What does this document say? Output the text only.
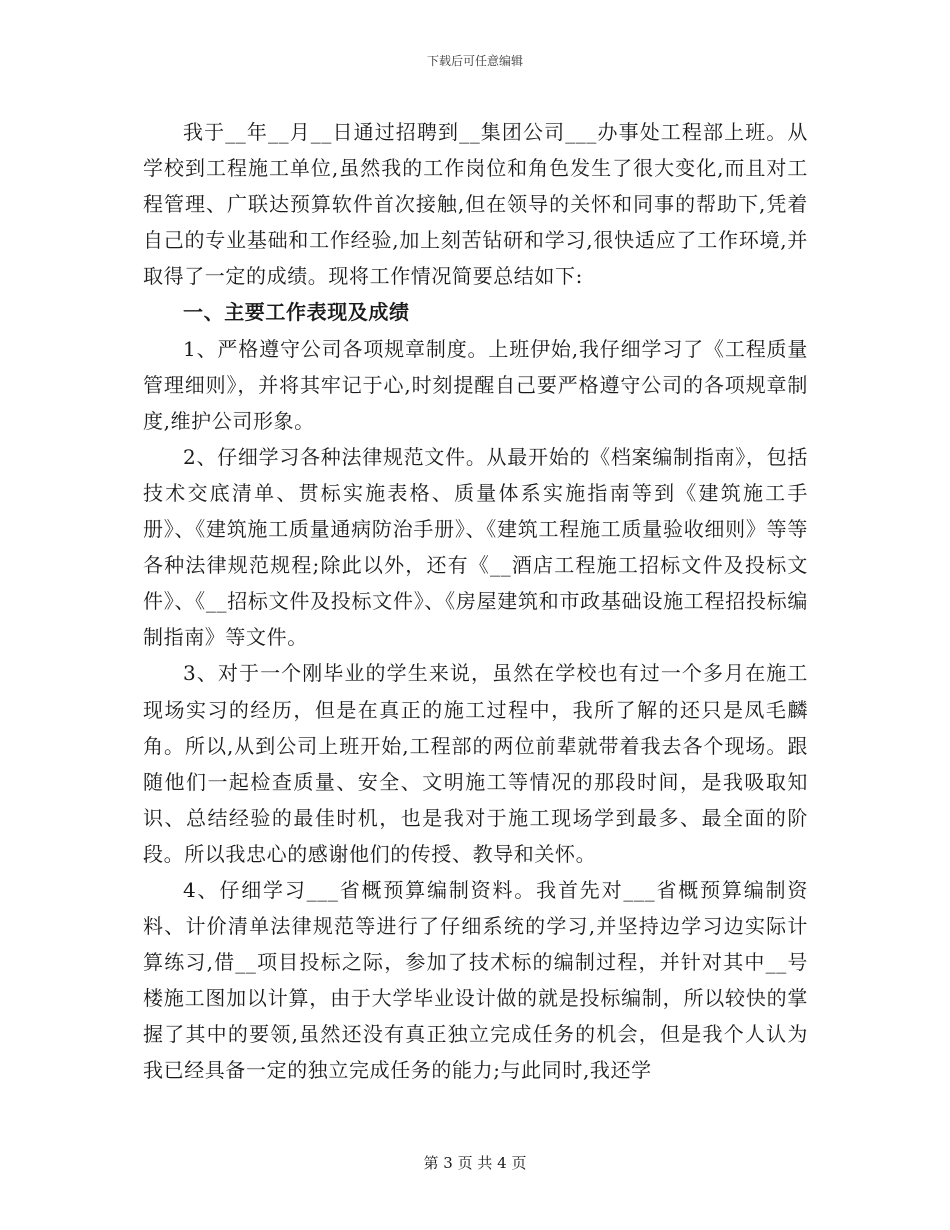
下载后可任意编辑

我于__年__月__日通过招聘到__集团公司___办事处工程部上班。从学校到工程施工单位,虽然我的工作岗位和角色发生了很大变化,而且对工程管理、广联达预算软件首次接触,但在领导的关怀和同事的帮助下,凭着自己的专业基础和工作经验,加上刻苦钻研和学习,很快适应了工作环境,并取得了一定的成绩。现将工作情况简要总结如下:

一、主要工作表现及成绩

1、严格遵守公司各项规章制度。上班伊始,我仔细学习了《工程质量管理细则》，并将其牢记于心,时刻提醒自己要严格遵守公司的各项规章制度,维护公司形象。

2、仔细学习各种法律规范文件。从最开始的《档案编制指南》，包括技术交底清单、贯标实施表格、质量体系实施指南等到《建筑施工手册》、《建筑施工质量通病防治手册》、《建筑工程施工质量验收细则》等等各种法律规范规程;除此以外，还有《__酒店工程施工招标文件及投标文件》、《__招标文件及投标文件》、《房屋建筑和市政基础设施工程招投标编制指南》等文件。

3、对于一个刚毕业的学生来说，虽然在学校也有过一个多月在施工现场实习的经历，但是在真正的施工过程中，我所了解的还只是凤毛麟角。所以,从到公司上班开始,工程部的两位前辈就带着我去各个现场。跟随他们一起检查质量、安全、文明施工等情况的那段时间，是我吸取知识、总结经验的最佳时机，也是我对于施工现场学到最多、最全面的阶段。所以我忠心的感谢他们的传授、教导和关怀。

4、仔细学习___省概预算编制资料。我首先对___省概预算编制资料、计价清单法律规范等进行了仔细系统的学习,并坚持边学习边实际计算练习,借__项目投标之际，参加了技术标的编制过程，并针对其中__号楼施工图加以计算，由于大学毕业设计做的就是投标编制，所以较快的掌握了其中的要领,虽然还没有真正独立完成任务的机会，但是我个人认为我已经具备一定的独立完成任务的能力;与此同时,我还学

第 3 页 共 4 页
